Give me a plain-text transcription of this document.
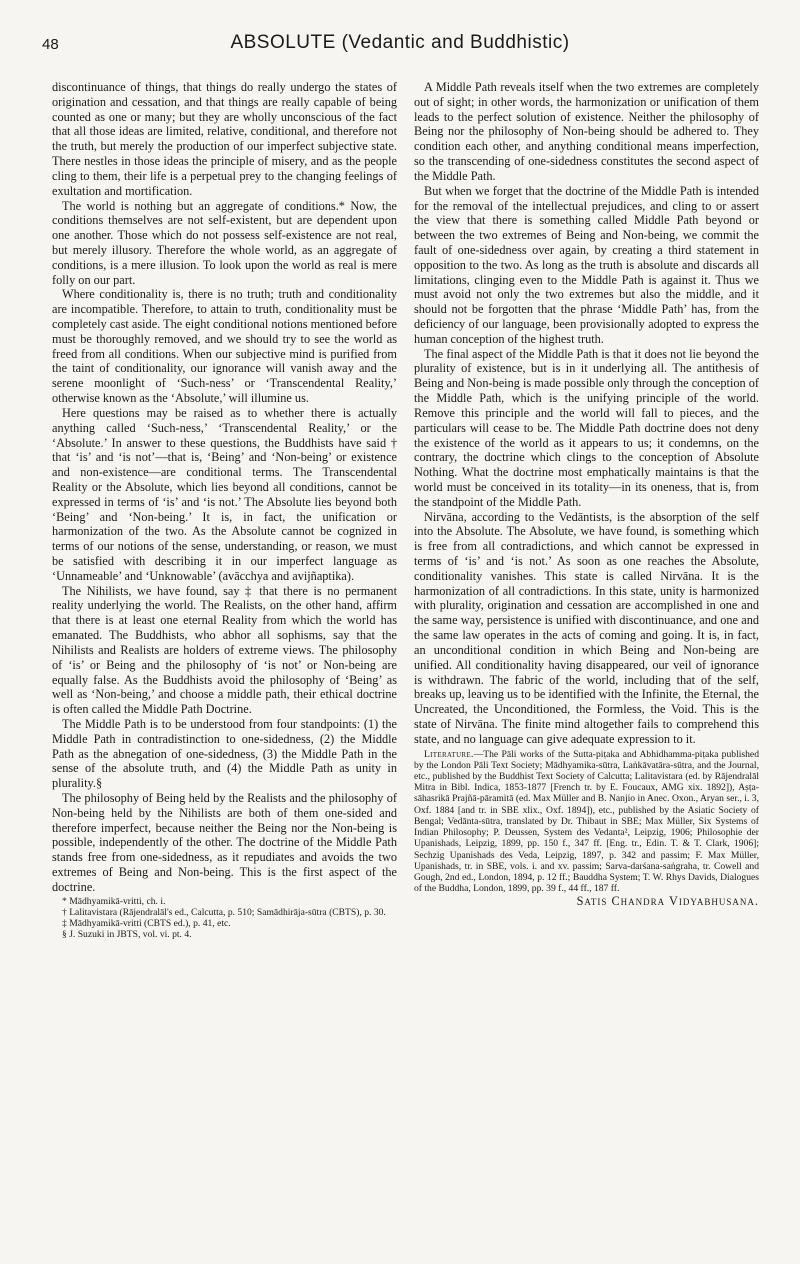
48	ABSOLUTE (Vedantic and Buddhistic)

discontinuance of things, that things do really undergo the states of origination and cessation, and that things are really capable of being counted as one or many; but they are wholly unconscious of the fact that all those ideas are limited, relative, conditional, and therefore not the truth, but merely the production of our imperfect subjective state. There nestles in those ideas the principle of misery, and as the people cling to them, their life is a perpetual prey to the changing feelings of exultation and mortification.

The world is nothing but an aggregate of conditions.* Now, the conditions themselves are not self-existent, but are dependent upon one another. Those which do not possess self-existence are not real, but merely illusory. Therefore the whole world, as an aggregate of conditions, is a mere illusion. To look upon the world as real is mere folly on our part.

Where conditionality is, there is no truth; truth and conditionality are incompatible. Therefore, to attain to truth, conditionality must be completely cast aside. The eight conditional notions mentioned before must be thoroughly removed, and we should try to see the world as freed from all conditions. When our subjective mind is purified from the taint of conditionality, our ignorance will vanish away and the serene moonlight of ‘Such-ness’ or ‘Transcendental Reality,’ otherwise known as the ‘Absolute,’ will illumine us.

Here questions may be raised as to whether there is actually anything called ‘Such-ness,’ ‘Transcendental Reality,’ or the ‘Absolute.’ In answer to these questions, the Buddhists have said † that ‘is’ and ‘is not’—that is, ‘Being’ and ‘Non-being’ or existence and non-existence—are conditional terms. The Transcendental Reality or the Absolute, which lies beyond all conditions, cannot be expressed in terms of ‘is’ and ‘is not.’ The Absolute lies beyond both ‘Being’ and ‘Non-being.’ It is, in fact, the unification or harmonization of the two. As the Absolute cannot be cognized in terms of our notions of the sense, understanding, or reason, we must be satisfied with describing it in our imperfect language as ‘Unnameable’ and ‘Unknowable’ (avācchya and avijñaptika).

The Nihilists, we have found, say ‡ that there is no permanent reality underlying the world. The Realists, on the other hand, affirm that there is at least one eternal Reality from which the world has emanated. The Buddhists, who abhor all sophisms, say that the Nihilists and Realists are holders of extreme views. The philosophy of ‘is’ or Being and the philosophy of ‘is not’ or Non-being are equally false. As the Buddhists avoid the philosophy of ‘Being’ as well as ‘Non-being,’ and choose a middle path, their ethical doctrine is often called the Middle Path Doctrine.

The Middle Path is to be understood from four standpoints: (1) the Middle Path in contradistinction to one-sidedness, (2) the Middle Path as the abnegation of one-sidedness, (3) the Middle Path in the sense of the absolute truth, and (4) the Middle Path as unity in plurality.§

The philosophy of Being held by the Realists and the philosophy of Non-being held by the Nihilists are both of them one-sided and therefore imperfect, because neither the Being nor the Non-being is possible, independently of the other. The doctrine of the Middle Path stands free from one-sidedness, as it repudiates and avoids the two extremes of Being and Non-being. This is the first aspect of the doctrine.

* Mādhyamikā-vritti, ch. i.
† Lalitavistara (Rājendralāl's ed., Calcutta, p. 510; Samādhirāja-sūtra (CBTS), p. 30.
‡ Mādhyamikā-vritti (CBTS ed.), p. 41, etc.
§ J. Suzuki in JBTS, vol. vi. pt. 4.

A Middle Path reveals itself when the two extremes are completely out of sight; in other words, the harmonization or unification of them leads to the perfect solution of existence. Neither the philosophy of Being nor the philosophy of Non-being should be adhered to. They condition each other, and anything conditional means imperfection, so the transcending of one-sidedness constitutes the second aspect of the Middle Path.

But when we forget that the doctrine of the Middle Path is intended for the removal of the intellectual prejudices, and cling to or assert the view that there is something called Middle Path beyond or between the two extremes of Being and Non-being, we commit the fault of one-sidedness over again, by creating a third statement in opposition to the two. As long as the truth is absolute and discards all limitations, clinging even to the Middle Path is against it. Thus we must avoid not only the two extremes but also the middle, and it should not be forgotten that the phrase ‘Middle Path’ has, from the deficiency of our language, been provisionally adopted to express the human conception of the highest truth.

The final aspect of the Middle Path is that it does not lie beyond the plurality of existence, but is in it underlying all. The antithesis of Being and Non-being is made possible only through the conception of the Middle Path, which is the unifying principle of the world. Remove this principle and the world will fall to pieces, and the particulars will cease to be. The Middle Path doctrine does not deny the existence of the world as it appears to us; it condemns, on the contrary, the doctrine which clings to the conception of Absolute Nothing. What the doctrine most emphatically maintains is that the world must be conceived in its totality—in its oneness, that is, from the standpoint of the Middle Path.

Nirvāna, according to the Vedāntists, is the absorption of the self into the Absolute. The Absolute, we have found, is something which is free from all contradictions, and which cannot be expressed in terms of ‘is’ and ‘is not.’ As soon as one reaches the Absolute, conditionality vanishes. This state is called Nirvāna. It is the harmonization of all contradictions. In this state, unity is harmonized with plurality, origination and cessation are accomplished in one and the same way, persistence is unified with discontinuance, and one and the same law operates in the acts of coming and going. It is, in fact, an unconditional condition in which Being and Non-being are unified. All conditionality having disappeared, our veil of ignorance is withdrawn. The fabric of the world, including that of the self, breaks up, leaving us to be identified with the Infinite, the Eternal, the Uncreated, the Unconditioned, the Formless, the Void. This is the state of Nirvāna. The finite mind altogether fails to comprehend this state, and no language can give adequate expression to it.

Literature.—The Pāli works of the Sutta-piṭaka and Abhidhamma-piṭaka published by the London Pāli Text Society; Mādhyamika-sūtra, Laṅkāvatāra-sūtra, and the Journal, etc., published by the Buddhist Text Society of Calcutta; Lalitavistara (ed. by Rājendralāl Mitra in Bibl. Indica, 1853-1877 [French tr. by E. Foucaux, AMG xix. 1892]), Aṣṭa-sāhasrikā Prajñā-pāramitā (ed. Max Müller and B. Nanjio in Anec. Oxon., Aryan ser., i. 3, Oxf. 1884 [and tr. in SBE xlix., Oxf. 1894]), etc., published by the Asiatic Society of Bengal; Vedānta-sūtra, translated by Dr. Thibaut in SBE; Max Müller, Six Systems of Indian Philosophy; P. Deussen, System des Vedanta², Leipzig, 1906; Philosophie der Upanishads, Leipzig, 1899, pp. 150 f., 347 ff. [Eng. tr., Edin. T. & T. Clark, 1906]; Sechzig Upanishads des Veda, Leipzig, 1897, p. 342 and passim; F. Max Müller, Upanishads, tr. in SBE, vols. i. and xv. passim; Sarva-darśana-saṅgraha, tr. Cowell and Gough, 2nd ed., London, 1894, p. 12 ff.; Bauddha System; T. W. Rhys Davids, Dialogues of the Buddha, London, 1899, pp. 39 f., 44 ff., 187 ff.
Satis Chandra Vidyabhusana.
